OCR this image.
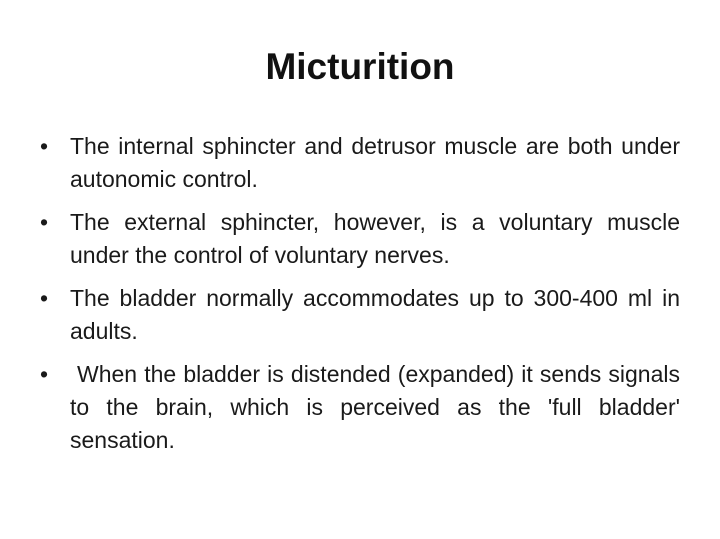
Micturition
• The internal sphincter and detrusor muscle are both under autonomic control.
• The external sphincter, however, is a voluntary muscle under the control of voluntary nerves.
• The bladder normally accommodates up to 300-400 ml in adults.
•	When the bladder is distended (expanded) it sends signals to the brain, which is perceived as the 'full bladder' sensation.
